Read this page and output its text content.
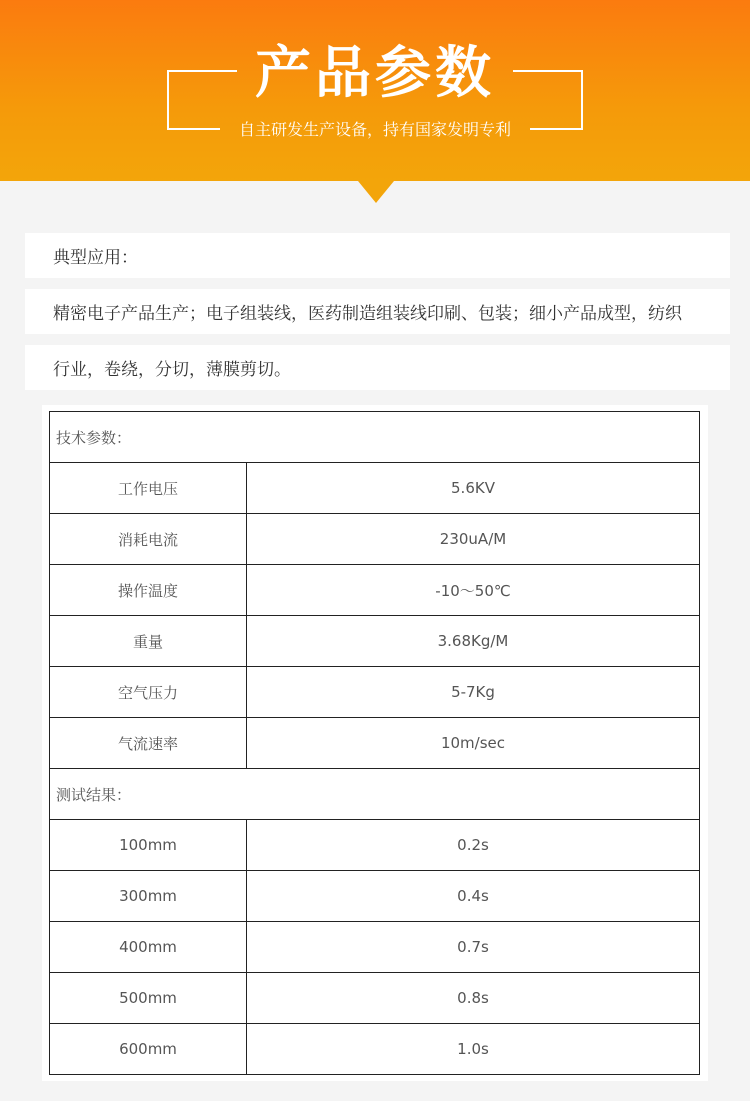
产品参数
自主研发生产设备，持有国家发明专利
典型应用：
精密电子产品生产；电子组装线，医药制造组装线印刷、包装；细小产品成型，纺织
行业，卷绕，分切，薄膜剪切。
技术参数：	
工作电压	5.6KV
消耗电流	230uA/M
操作温度	-10～50℃
重量	3.68Kg/M
空气压力	5-7Kg
气流速率	10m/sec
测试结果：	
100mm	0.2s
300mm	0.4s
400mm	0.7s
500mm	0.8s
600mm	1.0s
